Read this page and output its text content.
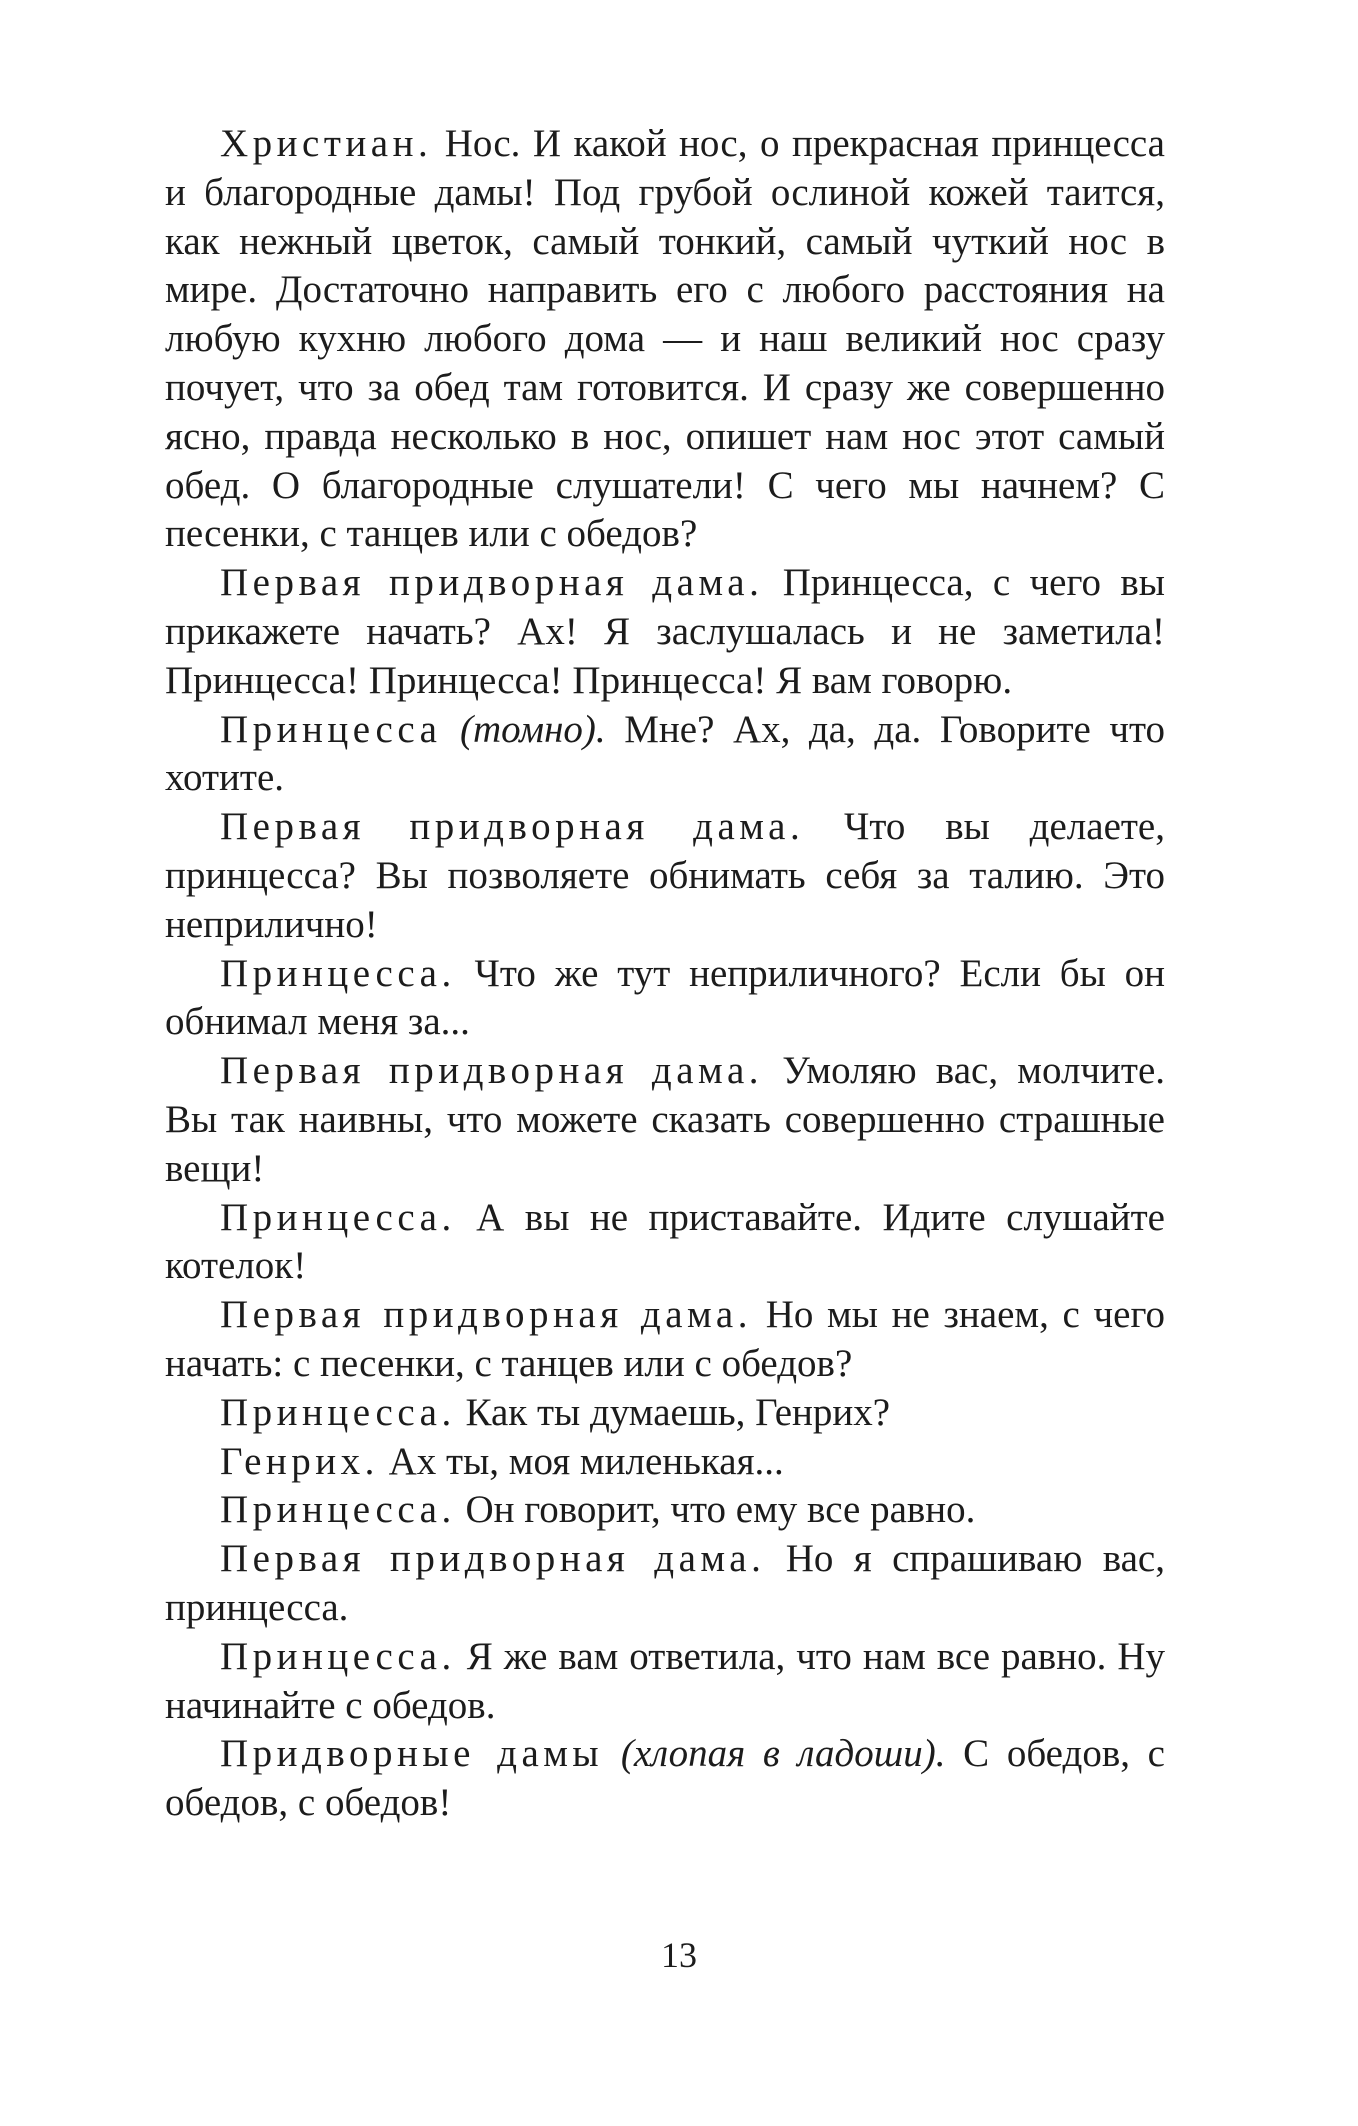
Христиан. Нос. И какой нос, о прекрасная принцесса и благородные дамы! Под грубой ослиной кожей таится, как нежный цветок, самый тонкий, самый чуткий нос в мире. Достаточно направить его с любого расстояния на любую кухню любого дома — и наш великий нос сразу почует, что за обед там готовится. И сразу же совершенно ясно, правда несколько в нос, опишет нам нос этот самый обед. О благородные слушатели! С чего мы начнем? С песенки, с танцев или с обедов?

Первая придворная дама. Принцесса, с чего вы прикажете начать? Ах! Я заслушалась и не заметила! Принцесса! Принцесса! Принцесса! Я вам говорю.

Принцесса (томно). Мне? Ах, да, да. Говорите что хотите.

Первая придворная дама. Что вы делаете, принцесса? Вы позволяете обнимать себя за талию. Это неприлично!

Принцесса. Что же тут неприличного? Если бы он обнимал меня за...

Первая придворная дама. Умоляю вас, молчите. Вы так наивны, что можете сказать совершенно страшные вещи!

Принцесса. А вы не приставайте. Идите слушайте котелок!

Первая придворная дама. Но мы не знаем, с чего начать: с песенки, с танцев или с обедов?

Принцесса. Как ты думаешь, Генрих?

Генрих. Ах ты, моя миленькая...

Принцесса. Он говорит, что ему все равно.

Первая придворная дама. Но я спрашиваю вас, принцесса.

Принцесса. Я же вам ответила, что нам все равно. Ну начинайте с обедов.

Придворные дамы (хлопая в ладоши). С обедов, с обедов, с обедов!

13
